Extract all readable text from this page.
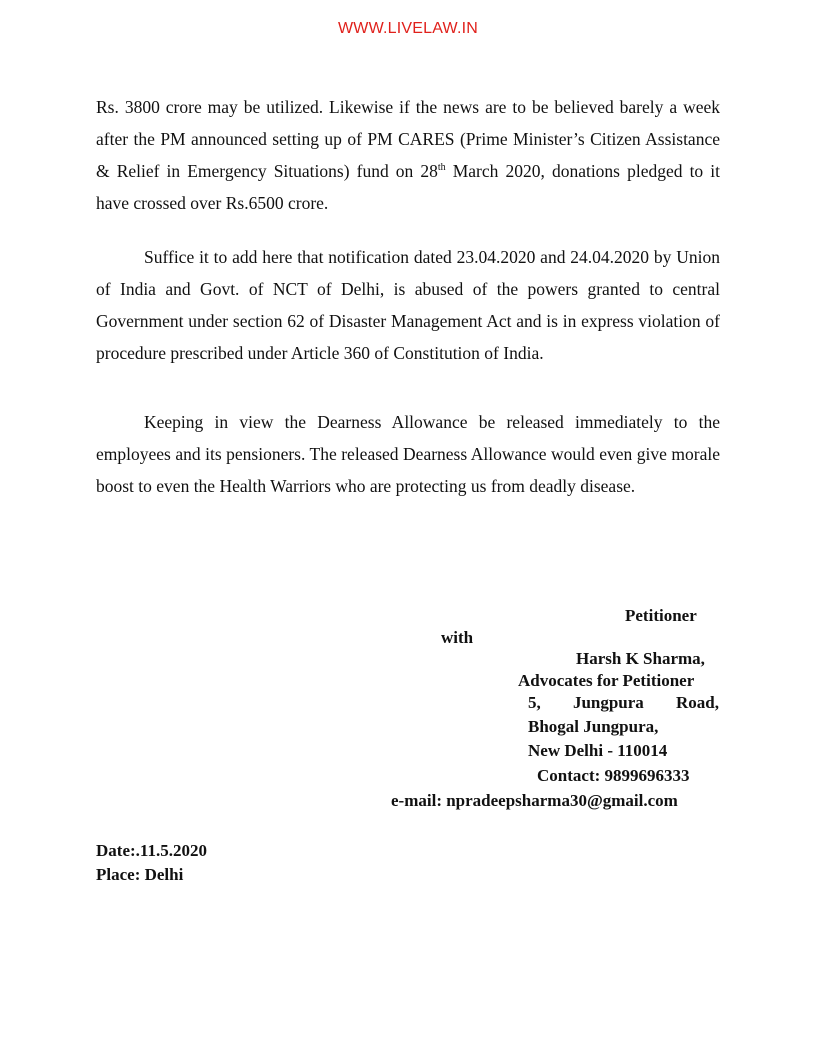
WWW.LIVELAW.IN

Rs. 3800 crore may be utilized. Likewise if the news are to be believed barely a week after the PM announced setting up of PM CARES (Prime Minister’s Citizen Assistance & Relief in Emergency Situations) fund on 28th March 2020, donations pledged to it have crossed over Rs.6500 crore.

Suffice it to add here that notification dated 23.04.2020 and 24.04.2020 by Union of India and Govt. of NCT of Delhi, is abused of the powers granted to central Government under section 62 of Disaster Management Act and is in express violation of procedure prescribed under Article 360 of Constitution of India.

Keeping in view the Dearness Allowance be released immediately to the employees and its pensioners. The released Dearness Allowance would even give morale boost to even the Health Warriors who are protecting us from deadly disease.

Petitioner
with
Harsh K Sharma,
Advocates for Petitioner
5, Jungpura Road,
Bhogal Jungpura,
New Delhi - 110014
Contact: 9899696333
e-mail: npradeepsharma30@gmail.com
Date:.11.5.2020
Place: Delhi
